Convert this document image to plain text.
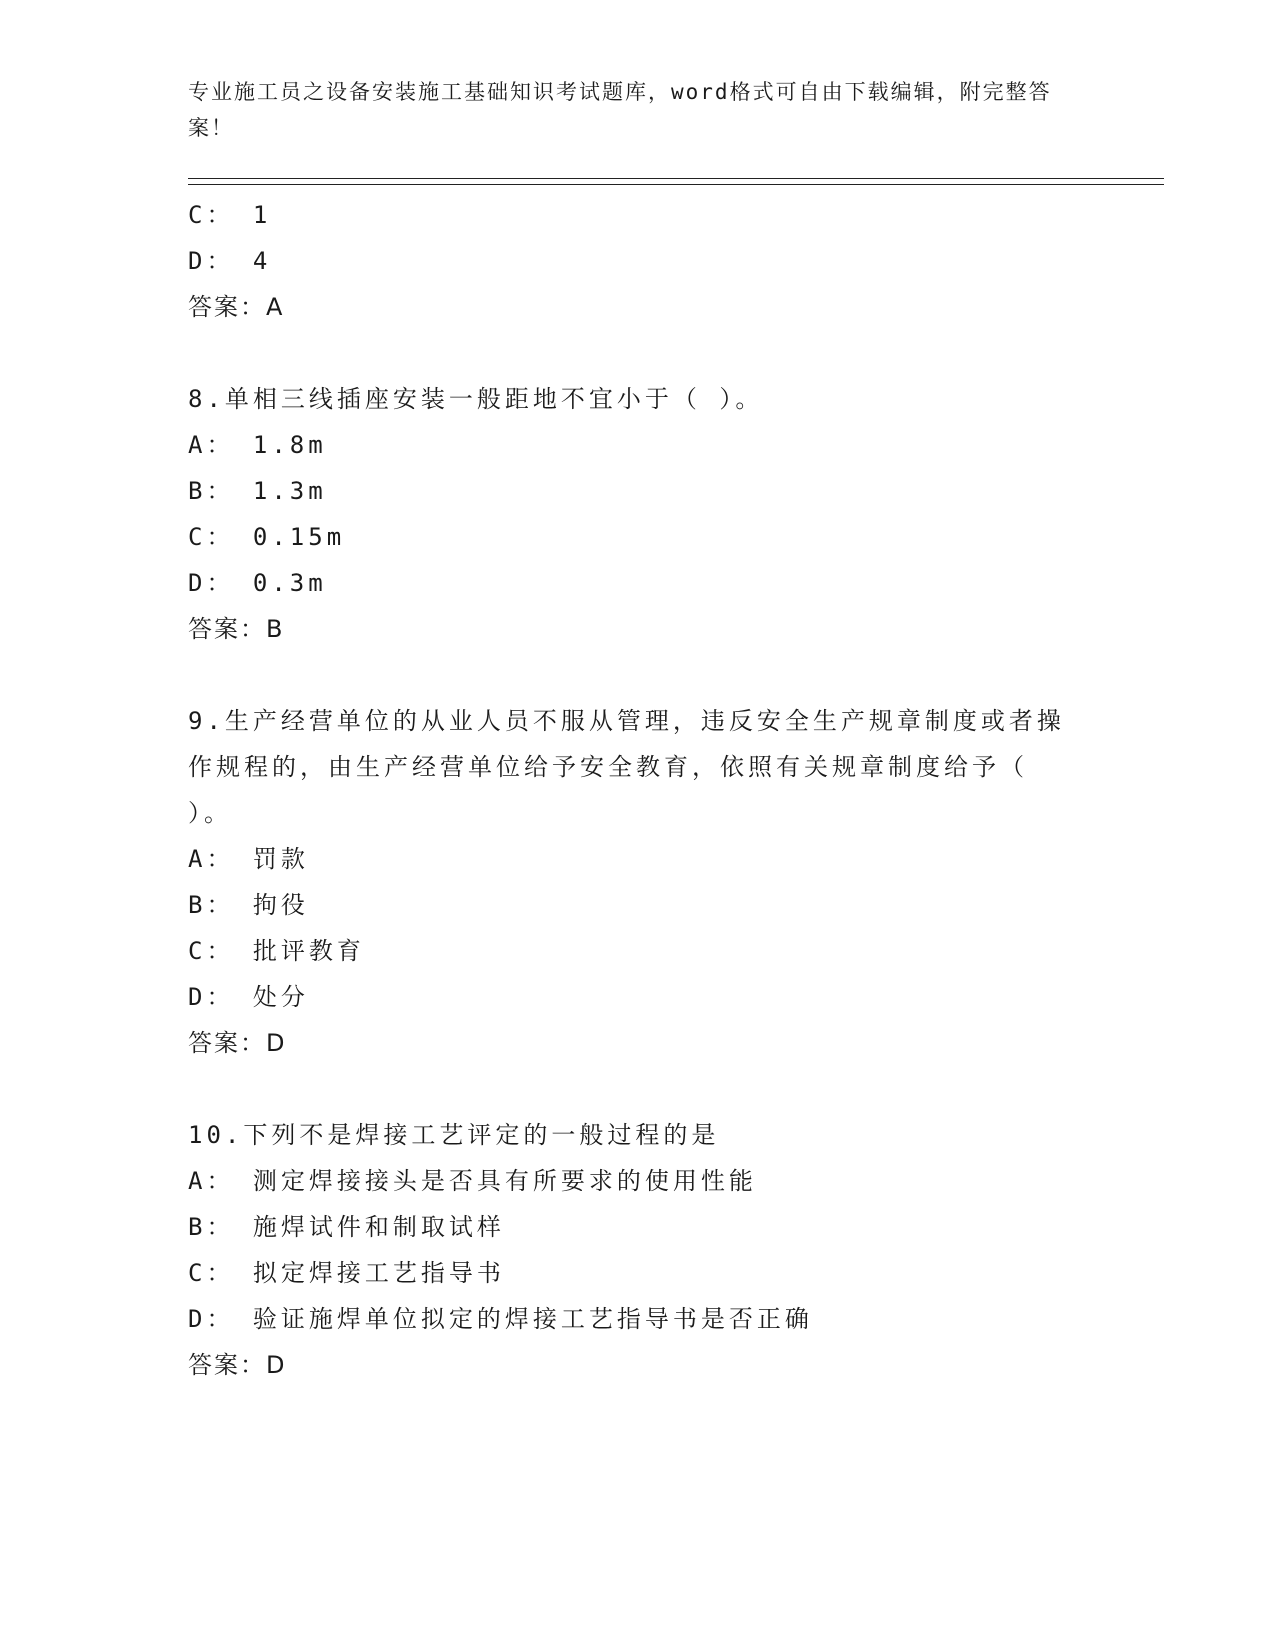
专业施工员之设备安装施工基础知识考试题库，word格式可自由下载编辑，附完整答案！
C： 1
D： 4
答案：A
8.单相三线插座安装一般距地不宜小于（ ）。
A： 1.8m
B： 1.3m
C： 0.15m
D： 0.3m
答案：B
9.生产经营单位的从业人员不服从管理，违反安全生产规章制度或者操作规程的，由生产经营单位给予安全教育，依照有关规章制度给予（ ）。
A： 罚款
B： 拘役
C： 批评教育
D： 处分
答案：D
10.下列不是焊接工艺评定的一般过程的是
A： 测定焊接接头是否具有所要求的使用性能
B： 施焊试件和制取试样
C： 拟定焊接工艺指导书
D： 验证施焊单位拟定的焊接工艺指导书是否正确
答案：D
